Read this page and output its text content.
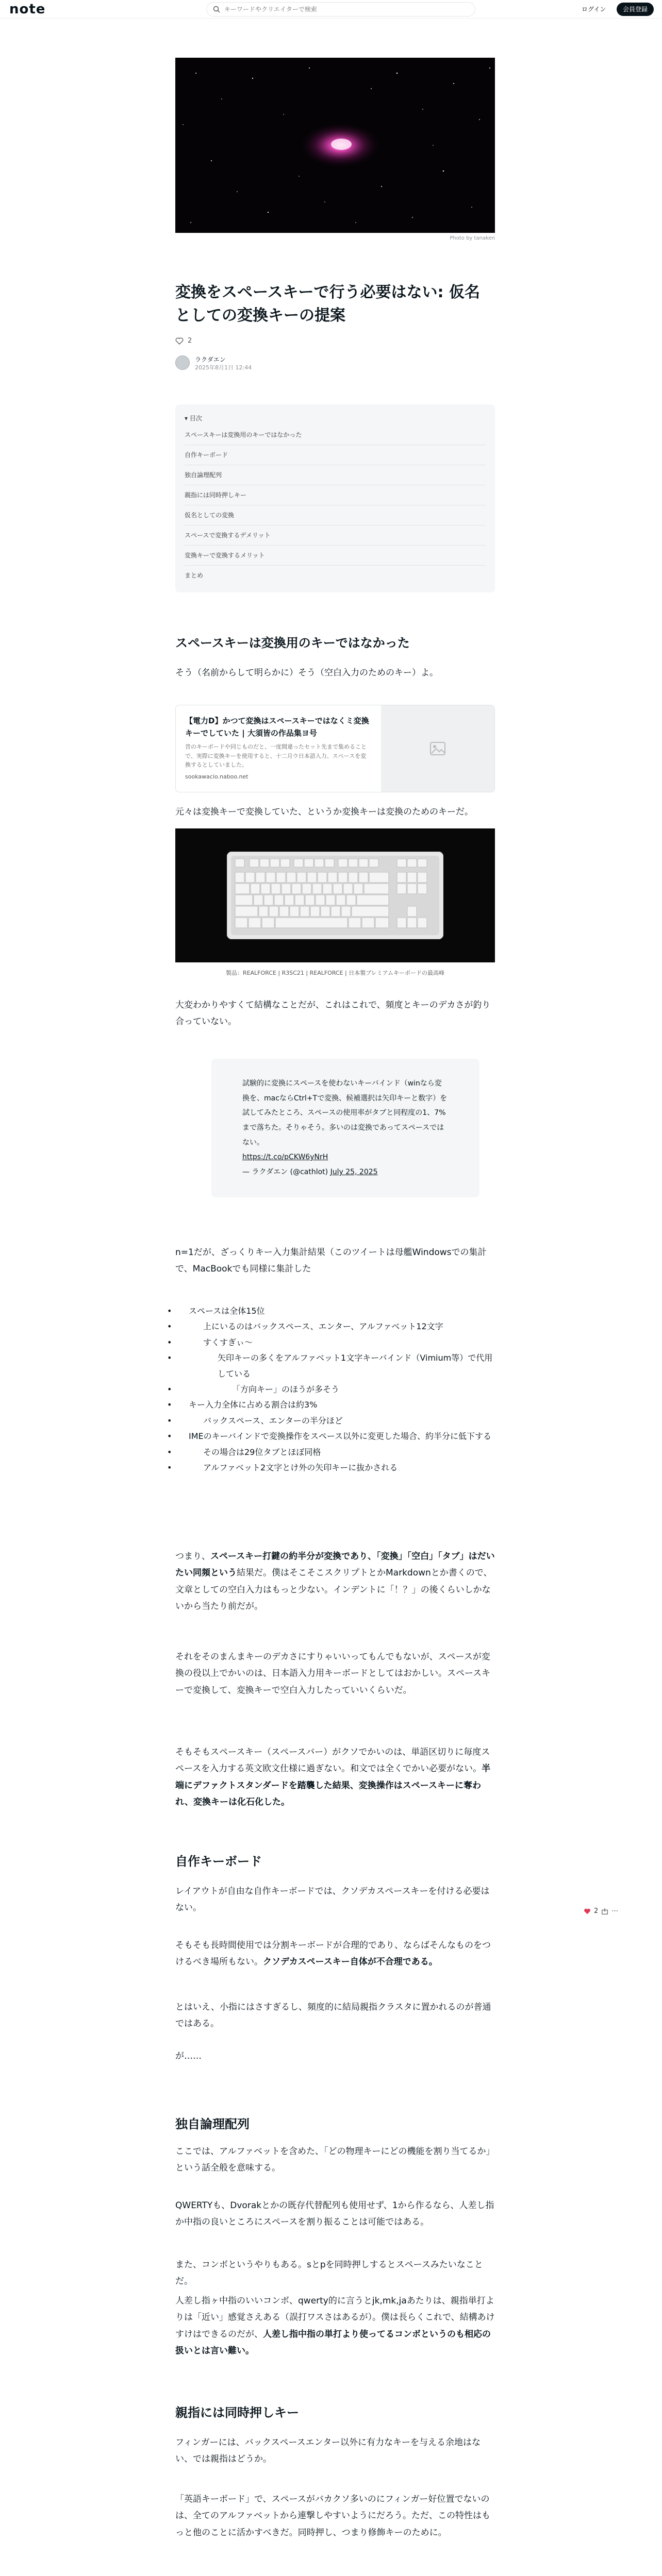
note
キーワードやクリエイターで検索	ログイン	会員登録
Photo by tanaken
変換をスペースキーで行う必要はない: 仮名としての変換キーの提案
2
ラクダエン
2025年8月1日 12:44
▾ 目次
スペースキーは変換用のキーではなかった
自作キーボード
独自論理配列
親指には同時押しキー
仮名としての変換
スペースで変換するデメリット
変換キーで変換するメリット
まとめ
スペースキーは変換用のキーではなかった
そう（名前からして明らかに）そう（空白入力のためのキー）よ。
【電力D】かつて変換はスペースキーではなくミ変換キーでしていた | 大須皆の作品集ヨ号
昔のキーボードや同じものだと、一度間違ったセット先まで集めることで、実際に変換キーを使用すると、十二月ウ日本語入力、スペースを変換するとしていました。
sookawacio.naboo.net
元々は変換キーで変換していた、というか変換キーは変換のためのキーだ。
製品：REALFORCE | R3SC21 | REALFORCE | 日本製プレミアムキーボードの最高峰
大変わかりやすくて結構なことだが、これはこれで、頻度とキーのデカさが釣り合っていない。
試験的に変換にスペースを使わないキーバインド（winなら変換を、macならCtrl+Tで変換、候補選択は矢印キーと数字）を試してみたところ、スペースの使用率がタブと同程度の1、7%まで落ちた。そりゃそう。多いのは変換であってスペースではない。
https://t.co/pCKW6yNrH
— ラクダエン (@cathlot) July 25, 2025
n=1だが、ざっくりキー入力集計結果（このツイートは母艦Windowsでの集計で、MacBookでも同様に集計した
• スペースは全体15位
• 上にいるのはバックスペース、エンター、アルファベット12文字
• すくすぎぃ～
• 矢印キーの多くをアルファベット1文字キーバインド（Vimium等）で代用している
• 「方向キー」のほうが多そう
• キー入力全体に占める割合は約3%
• バックスペース、エンターの半分ほど
• IMEのキーバインドで変換操作をスペース以外に変更した場合、約半分に低下する
• その場合は29位タブとほぼ同格
• アルファベット2文字とけ外の矢印キーに抜かされる
つまり、スペースキー打鍵の約半分が変換であり、「変換」「空白」「タブ」はだいたい同頻という結果だ。僕はそこそこスクリプトとかMarkdownとか書くので、文章としての空白入力はもっと少ない。インデントに「！？」の後くらいしかないから当たり前だが。
それをそのまんまキーのデカさにすりゃいいってもんでもないが、スペースが変換の役以上でかいのは、日本語入力用キーボードとしてはおかしい。スペースキーで変換して、変換キーで空白入力したっていいくらいだ。
そもそもスペースキー（スペースバー）がクソでかいのは、単語区切りに毎度スペースを入力する英文欧文仕様に過ぎない。和文では全くでかい必要がない。半端にデファクトスタンダードを踏襲した結果、変換操作はスペースキーに奪われ、変換キーは化石化した。
自作キーボード
レイアウトが自由な自作キーボードでは、クソデカスペースキーを付ける必要はない。
そもそも長時間使用では分割キーボードが合理的であり、ならばそんなものをつけるべき場所もない。クソデカスペースキー自体が不合理である。
とはいえ、小指にはさすぎるし、頻度的に結局親指クラスタに置かれるのが普通ではある。
が……
2 ⋯
独自論理配列
ここでは、アルファベットを含めた、「どの物理キーにどの機能を割り当てるか」という話全般を意味する。
QWERTYも、Dvorakとかの既存代替配列も使用せず、1から作るなら、人差し指か中指の良いところにスペースを割り振ることは可能ではある。
また、コンボというやりもある。sとpを同時押しするとスペースみたいなことだ。
人差し指ヶ中指のいいコンボ、qwerty的に言うとjk,mk,jaあたりは、親指単打よりは「近い」感覚さえある（誤打ワスさはあるが）。僕は長らくこれで、結構あけすけはできるのだが、人差し指中指の単打より使ってるコンボというのも相応の扱いとは言い難い。
親指には同時押しキー
フィンガーには、バックスペースエンター以外に有力なキーを与える余地はない、では親指はどうか。
「英語キーボード」で、スペースがバカクソ多いのにフィンガー好位置でないのは、全てのアルファベットから連撃しやすいようにだろう。ただ、この特性はもっと他のことに活かすべきだ。同時押し、つまり修飾キーのために。
